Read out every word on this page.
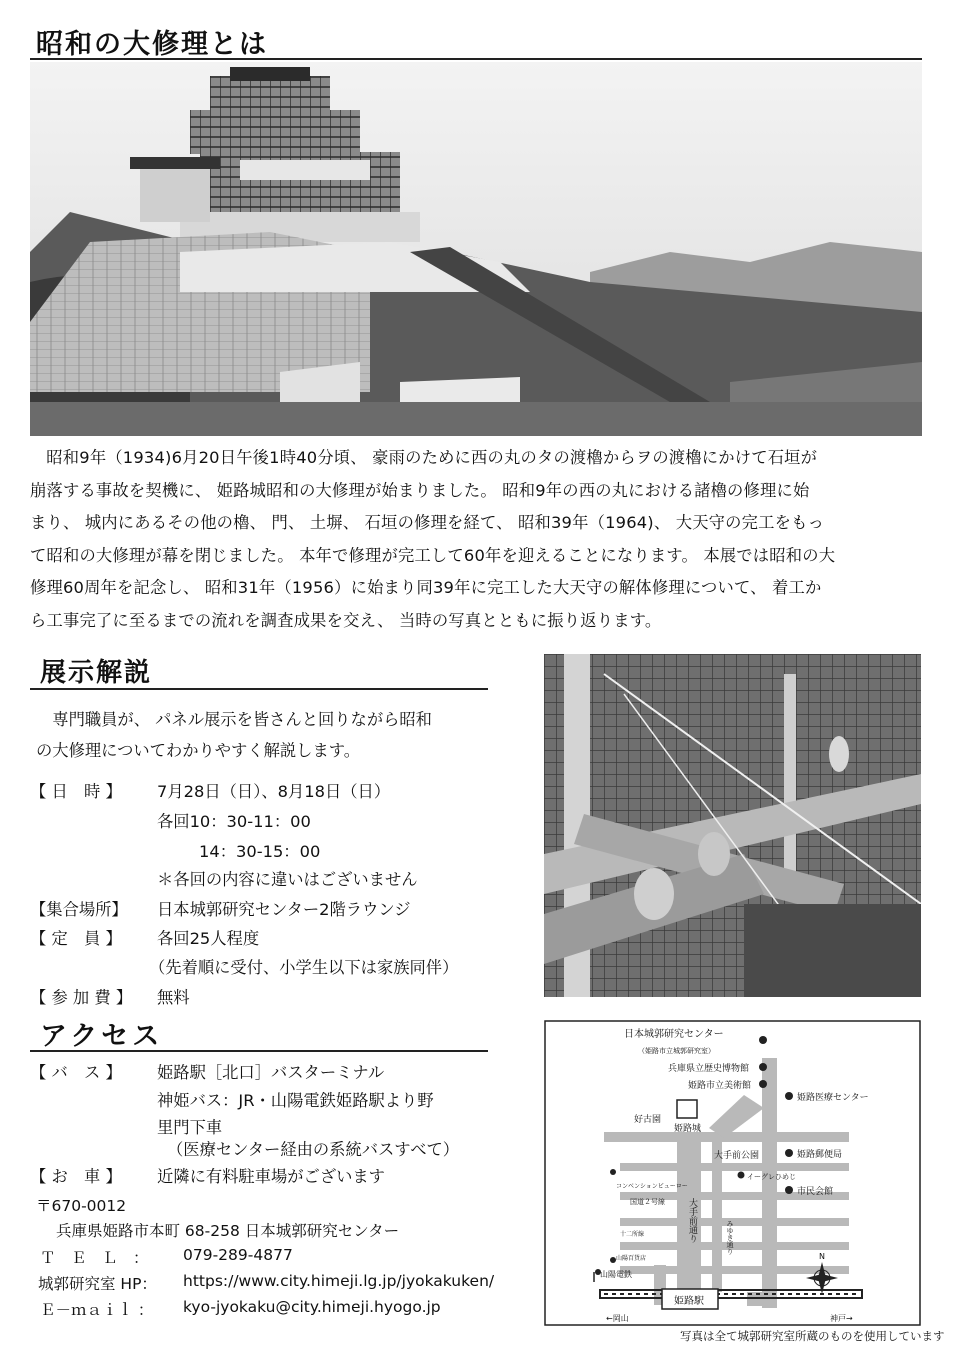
昭和の大修理とは
昭和9年（1934)6月20日午後1時40分頃、 豪雨のために西の丸のタの渡櫓からヲの渡櫓にかけて石垣が
崩落する事故を契機に、 姫路城昭和の大修理が始まりました。 昭和9年の西の丸における諸櫓の修理に始
まり、 城内にあるその他の櫓、 門、 土塀、 石垣の修理を経て、 昭和39年（1964)、 大天守の完工をもっ
て昭和の大修理が幕を閉じました。 本年で修理が完工して60年を迎えることになります。 本展では昭和の大
修理60周年を記念し、 昭和31年（1956）に始まり同39年に完工した大天守の解体修理について、 着工か
ら工事完了に至るまでの流れを調査成果を交え、 当時の写真とともに振り返ります。
展示解説
専門職員が、 パネル展示を皆さんと回りながら昭和
の大修理についてわかりやすく解説します。
【 日　時 】	7月28日（日）、8月18日（日）
各回10：30-11：00
14：30-15：00
＊各回の内容に違いはございません
【集合場所】	日本城郭研究センター2階ラウンジ
【 定　員 】	各回25人程度
（先着順に受付、小学生以下は家族同伴）
【 参 加 費 】	無料
アクセス
【 バ　ス 】	姫路駅［北口］バスターミナル
神姫バス：JR・山陽電鉄姫路駅より野
里門下車
（医療センター経由の系統バスすべて）
【 お　車 】	近隣に有料駐車場がございます
〒670-0012
兵庫県姫路市本町 68-258 日本城郭研究センター
Ｔ　Ｅ　Ｌ　： 079-289-4877
城郭研究室 HP： https://www.city.himeji.lg.jp/jyokakuken/
Ｅ－ｍａｉｌ ： kyo-jyokaku@city.himeji.hyogo.jp
日本城郭研究センター
（姫路市立城郭研究室）
兵庫県立歴史博物館
姫路市立美術館
姫路医療センター
好古園
姫路城
大手前公園	姫路郵便局
イーグレひめじ
市民会館
コンベンションビューロー
国道２号線
十二所線
山陽百貨店
山陽電鉄
姫路駅
←岡山	神戸→
N
大手前通り	みゆき通り
写真は全て城郭研究室所蔵のものを使用しています
